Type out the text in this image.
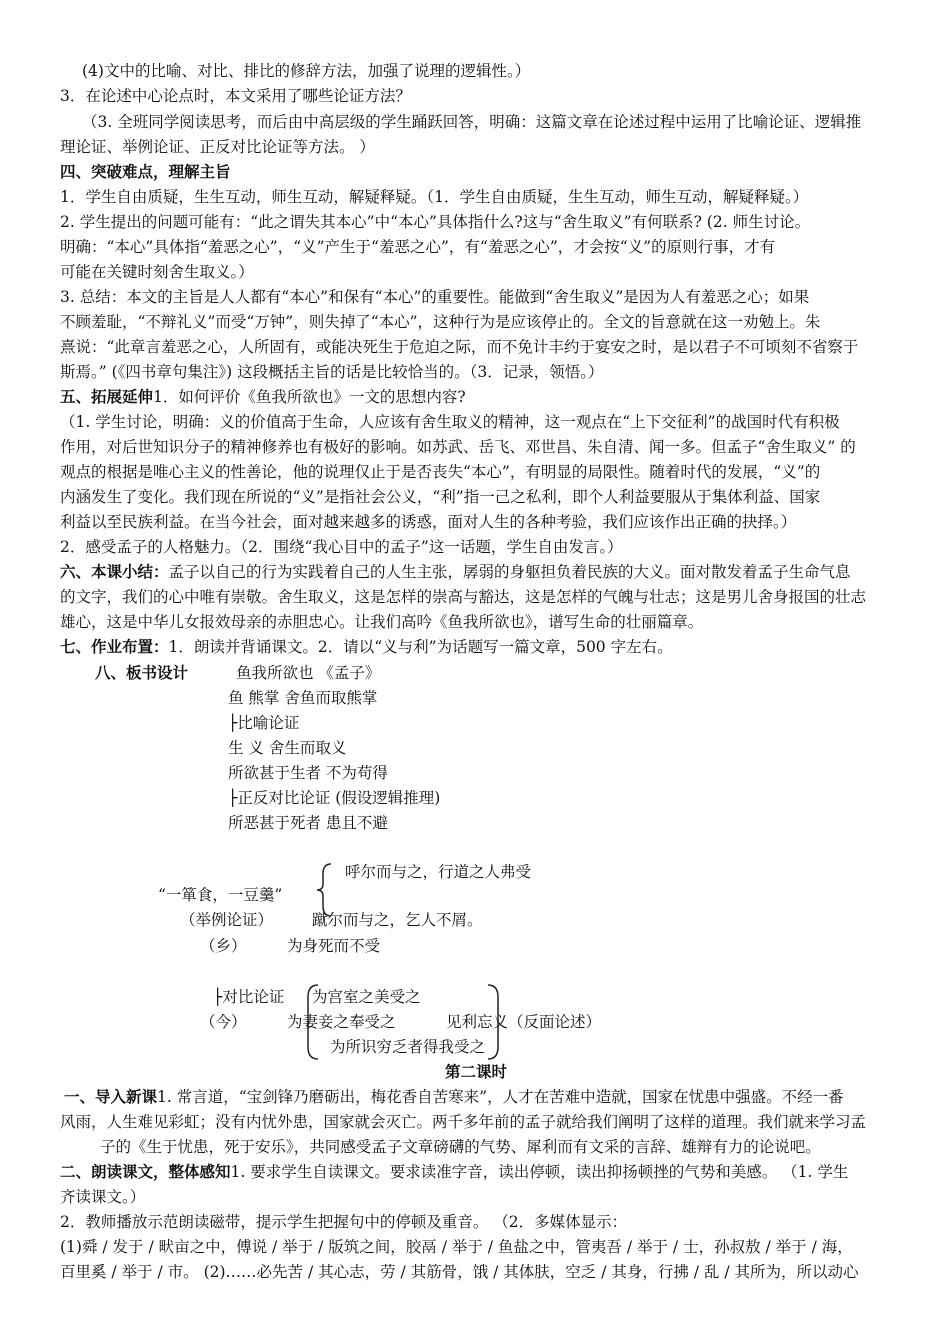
(4)文中的比喻、对比、排比的修辞方法，加强了说理的逻辑性。）
3．在论述中心论点时，本文采用了哪些论证方法？
（3. 全班同学阅读思考，而后由中高层级的学生踊跃回答，明确：这篇文章在论述过程中运用了比喻论证、逻辑推
理论证、举例论证、正反对比论证等方法。 ）
四、突破难点，理解主旨
1．学生自由质疑，生生互动，师生互动，解疑释疑。（1．学生自由质疑，生生互动，师生互动，解疑释疑。）
2. 学生提出的问题可能有：“此之谓失其本心”中“本心”具体指什么?这与“舍生取义”有何联系? (2. 师生讨论。
明确：“本心”具体指“羞恶之心”，“义”产生于“羞恶之心”，有“羞恶之心”，才会按“义”的原则行事，才有
可能在关键时刻舍生取义。）
3. 总结：本文的主旨是人人都有“本心”和保有“本心”的重要性。能做到“舍生取义”是因为人有羞恶之心；如果
不顾羞耻，“不辩礼义”而受“万钟”，则失掉了“本心”，这种行为是应该停止的。全文的旨意就在这一劝勉上。朱
熹说：“此章言羞恶之心，人所固有，或能决死生于危迫之际，而不免计丰约于宴安之时，是以君子不可顷刻不省察于
斯焉。” (《四书章句集注》) 这段概括主旨的话是比较恰当的。（3．记录，领悟。）
五、拓展延伸1．如何评价《鱼我所欲也》一文的思想内容?
（1. 学生讨论，明确：义的价值高于生命，人应该有舍生取义的精神，这一观点在“上下交征利”的战国时代有积极
作用，对后世知识分子的精神修养也有极好的影响。如苏武、岳飞、邓世昌、朱自清、闻一多。但孟子“舍生取义” 的
观点的根据是唯心主义的性善论，他的说理仅止于是否丧失“本心”，有明显的局限性。随着时代的发展，“义”的
内涵发生了变化。我们现在所说的“义”是指社会公义，“利”指一己之私利，即个人利益要服从于集体利益、国家
利益以至民族利益。在当今社会，面对越来越多的诱惑，面对人生的各种考验，我们应该作出正确的抉择。）
2．感受孟子的人格魅力。（2．围绕“我心目中的孟子”这一话题，学生自由发言。）
六、本课小结：孟子以自己的行为实践着自己的人生主张，孱弱的身躯担负着民族的大义。面对散发着孟子生命气息
的文字，我们的心中唯有崇敬。舍生取义，这是怎样的崇高与豁达，这是怎样的气魄与壮志；这是男儿舍身报国的壮志
雄心，这是中华儿女报效母亲的赤胆忠心。让我们高吟《鱼我所欲也》，谱写生命的壮丽篇章。
七、作业布置：1．朗读并背诵课文。2．请以“义与利”为话题写一篇文章，500 字左右。
八、板书设计	鱼我所欲也 《孟子》
鱼 熊掌 舍鱼而取熊掌
├比喻论证
生 义 舍生而取义
所欲甚于生者 不为苟得
├正反对比论证 (假设逻辑推理)
所恶甚于死者 患且不避
呼尔而与之，行道之人弗受
“一箪食，一豆羹”
（举例论证）	蹴尔而与之，乞人不屑。
（乡）	为身死而不受
├对比论证 为宫室之美受之
（今）	为妻妾之奉受之
为所识穷乏者得我受之
见利忘义（反面论述）
第二课时
一、导入新课1. 常言道，“宝剑锋乃磨砺出，梅花香自苦寒来”，人才在苦难中造就，国家在忧患中强盛。不经一番
风雨，人生难见彩虹；没有内忧外患，国家就会灭亡。两千多年前的孟子就给我们阐明了这样的道理。我们就来学习孟
子的《生于忧患，死于安乐》，共同感受孟子文章磅礴的气势、犀利而有文采的言辞、雄辩有力的论说吧。
二、朗读课文，整体感知1. 要求学生自读课文。要求读准字音，读出停顿，读出抑扬顿挫的气势和美感。 （1. 学生
齐读课文。）
2．教师播放示范朗读磁带，提示学生把握句中的停顿及重音。 （2．多媒体显示：
(1)舜 / 发于 / 畎亩之中，傅说 / 举于 / 版筑之间，胶鬲 / 举于 / 鱼盐之中，管夷吾 / 举于 / 士，孙叔敖 / 举于 / 海，
百里奚 / 举于 / 市。 (2)……必先苦 / 其心志，劳 / 其筋骨，饿 / 其体肤，空乏 / 其身，行拂 / 乱 / 其所为，所以动心
